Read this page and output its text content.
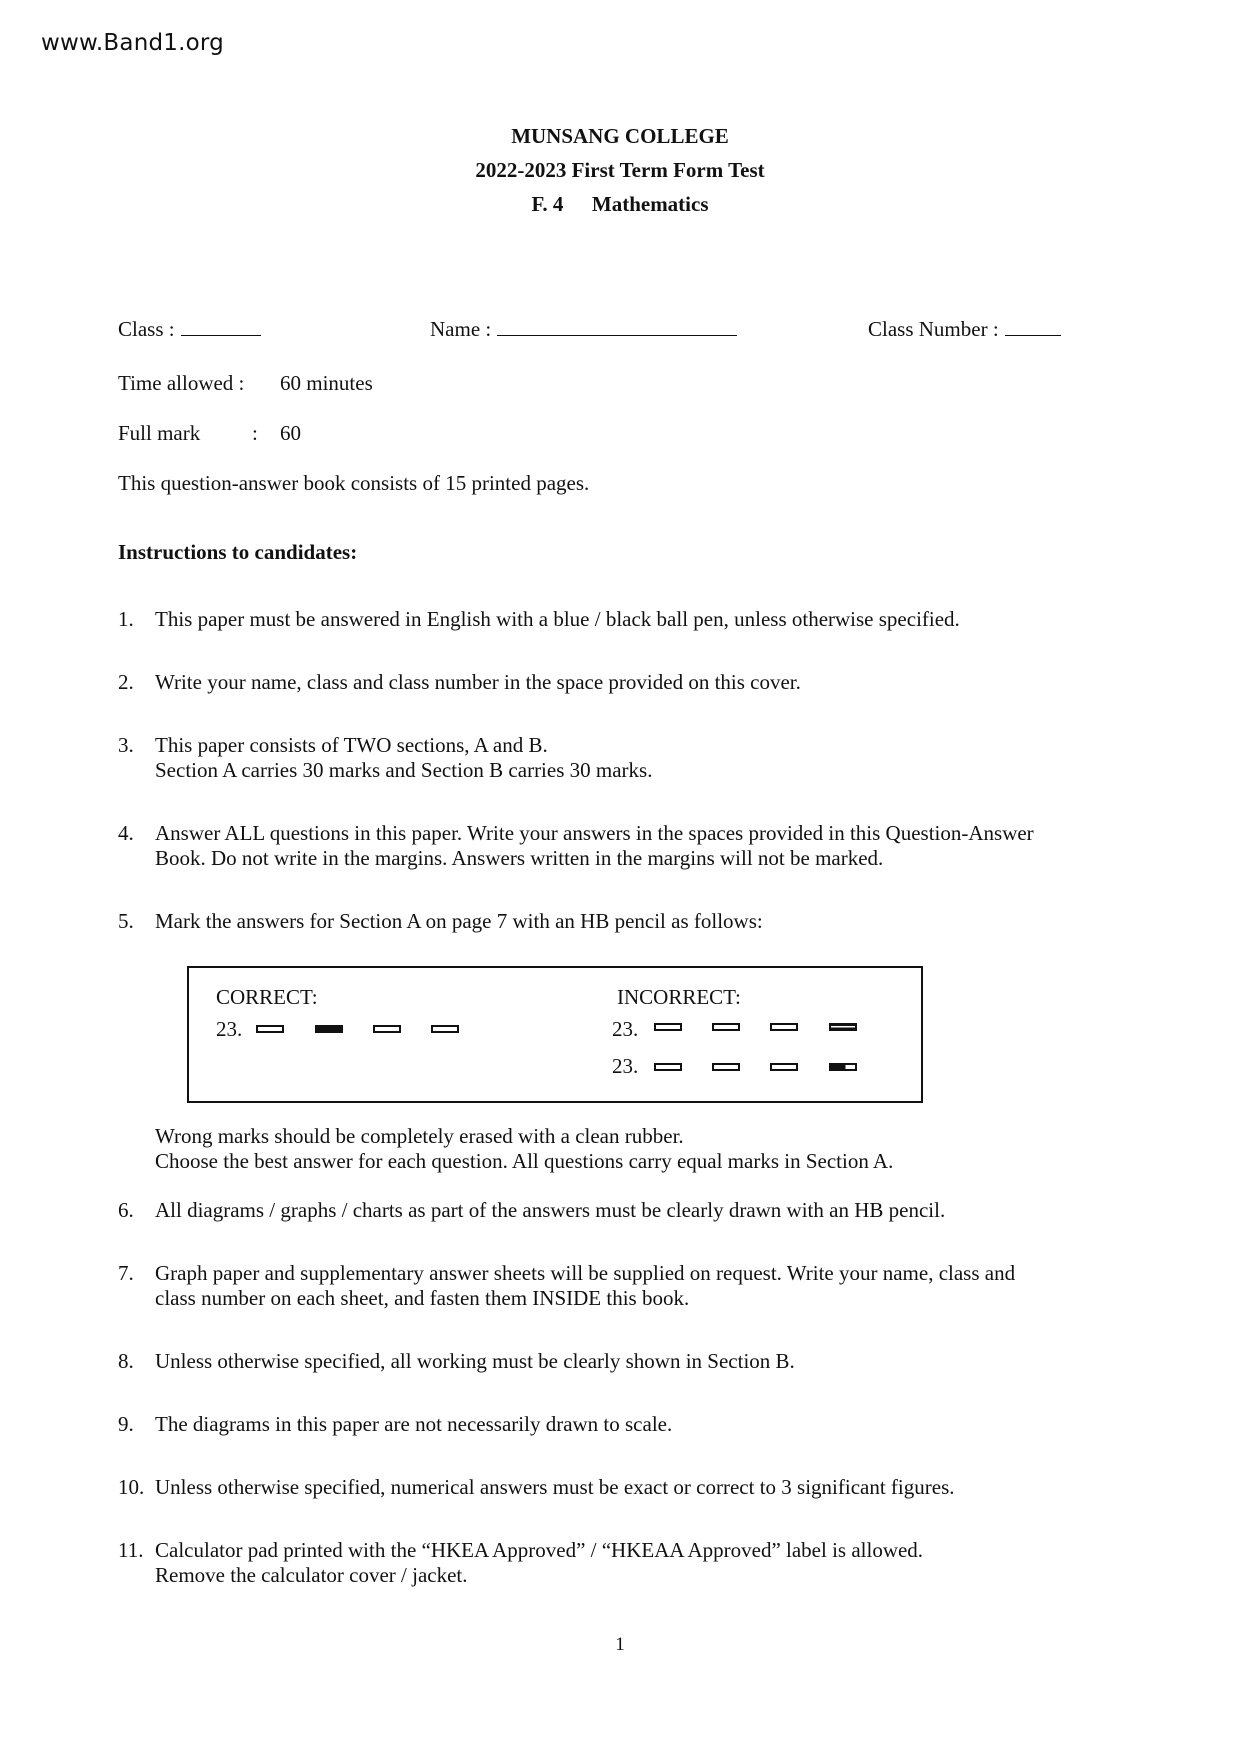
www.Band1.org
MUNSANG COLLEGE
2022-2023 First Term Form Test
F. 4 Mathematics
Class :	Name :	Class Number :
Time allowed : 60 minutes
Full mark : 60
This question-answer book consists of 15 printed pages.
Instructions to candidates:
1. This paper must be answered in English with a blue / black ball pen, unless otherwise specified.
2. Write your name, class and class number in the space provided on this cover.
3. This paper consists of TWO sections, A and B.
Section A carries 30 marks and Section B carries 30 marks.
4. Answer ALL questions in this paper. Write your answers in the spaces provided in this Question-Answer
Book. Do not write in the margins. Answers written in the margins will not be marked.
5. Mark the answers for Section A on page 7 with an HB pencil as follows:
CORRECT:
23.
INCORRECT:
23.
23.
Wrong marks should be completely erased with a clean rubber.
Choose the best answer for each question. All questions carry equal marks in Section A.
6. All diagrams / graphs / charts as part of the answers must be clearly drawn with an HB pencil.
7. Graph paper and supplementary answer sheets will be supplied on request. Write your name, class and
class number on each sheet, and fasten them INSIDE this book.
8. Unless otherwise specified, all working must be clearly shown in Section B.
9. The diagrams in this paper are not necessarily drawn to scale.
10. Unless otherwise specified, numerical answers must be exact or correct to 3 significant figures.
11. Calculator pad printed with the “HKEA Approved” / “HKEAA Approved” label is allowed.
Remove the calculator cover / jacket.
1
